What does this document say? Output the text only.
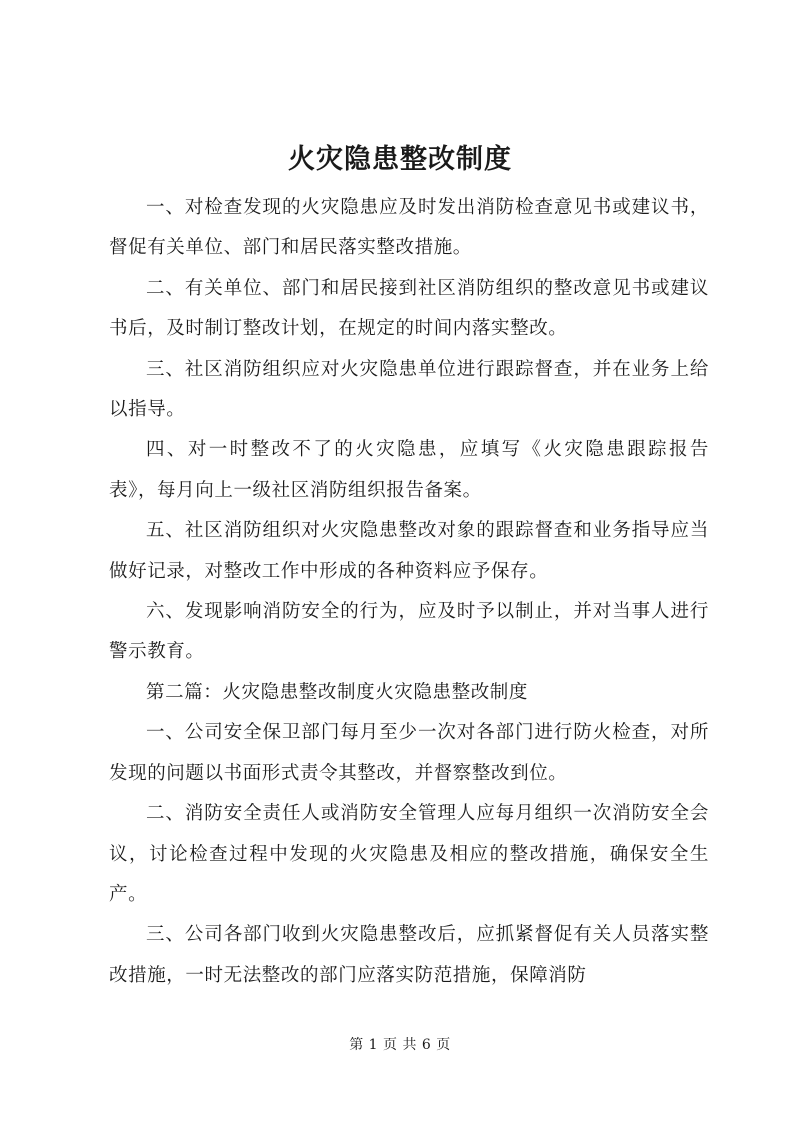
火灾隐患整改制度

一、对检查发现的火灾隐患应及时发出消防检查意见书或建议书，督促有关单位、部门和居民落实整改措施。

二、有关单位、部门和居民接到社区消防组织的整改意见书或建议书后，及时制订整改计划，在规定的时间内落实整改。

三、社区消防组织应对火灾隐患单位进行跟踪督查，并在业务上给以指导。

四、对一时整改不了的火灾隐患，应填写《火灾隐患跟踪报告表》，每月向上一级社区消防组织报告备案。

五、社区消防组织对火灾隐患整改对象的跟踪督查和业务指导应当做好记录，对整改工作中形成的各种资料应予保存。

六、发现影响消防安全的行为，应及时予以制止，并对当事人进行警示教育。

第二篇：火灾隐患整改制度火灾隐患整改制度

一、公司安全保卫部门每月至少一次对各部门进行防火检查，对所发现的问题以书面形式责令其整改，并督察整改到位。

二、消防安全责任人或消防安全管理人应每月组织一次消防安全会议，讨论检查过程中发现的火灾隐患及相应的整改措施，确保安全生产。

三、公司各部门收到火灾隐患整改后，应抓紧督促有关人员落实整改措施，一时无法整改的部门应落实防范措施，保障消防

第 1 页 共 6 页
